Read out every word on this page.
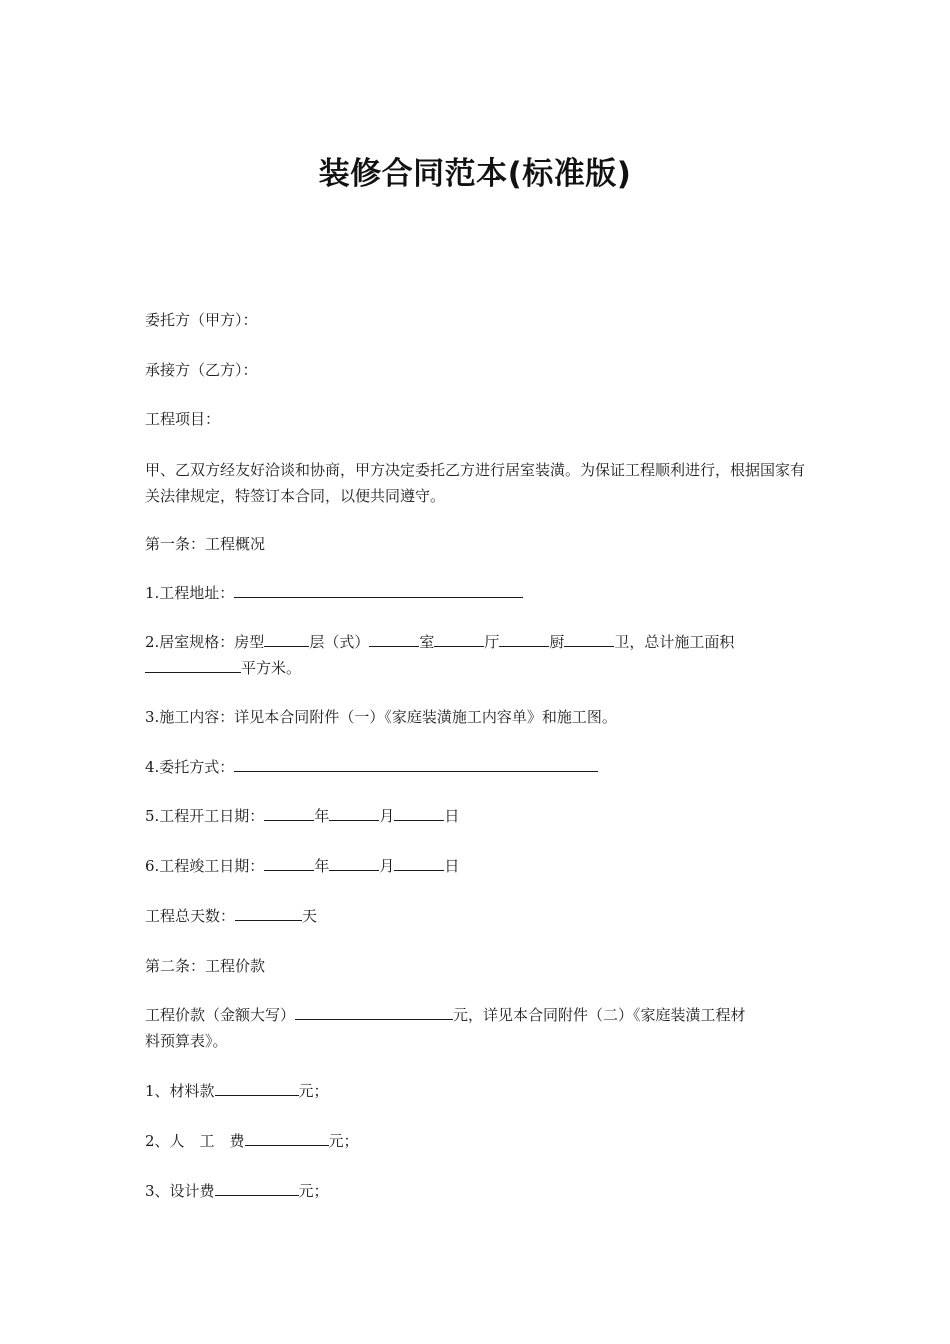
装修合同范本(标准版)
委托方（甲方）：
承接方（乙方）：
工程项目：
甲、乙双方经友好洽谈和协商，甲方决定委托乙方进行居室装潢。为保证工程顺利进行，根据国家有关法律规定，特签订本合同，以便共同遵守。
第一条：工程概况
1.工程地址：
2.居室规格：房型	层（式）	室	厅	厨	卫，总计施工面积
平方米。
3.施工内容：详见本合同附件（一）《家庭装潢施工内容单》和施工图。
4.委托方式：
5.工程开工日期：	年	月	日
6.工程竣工日期：	年	月	日
工程总天数：	天
第二条：工程价款
工程价款（金额大写）	元，详见本合同附件（二）《家庭装潢工程材
料预算表》。
1、材料款	元；
2、人　工　费	元；
3、设计费	元；
